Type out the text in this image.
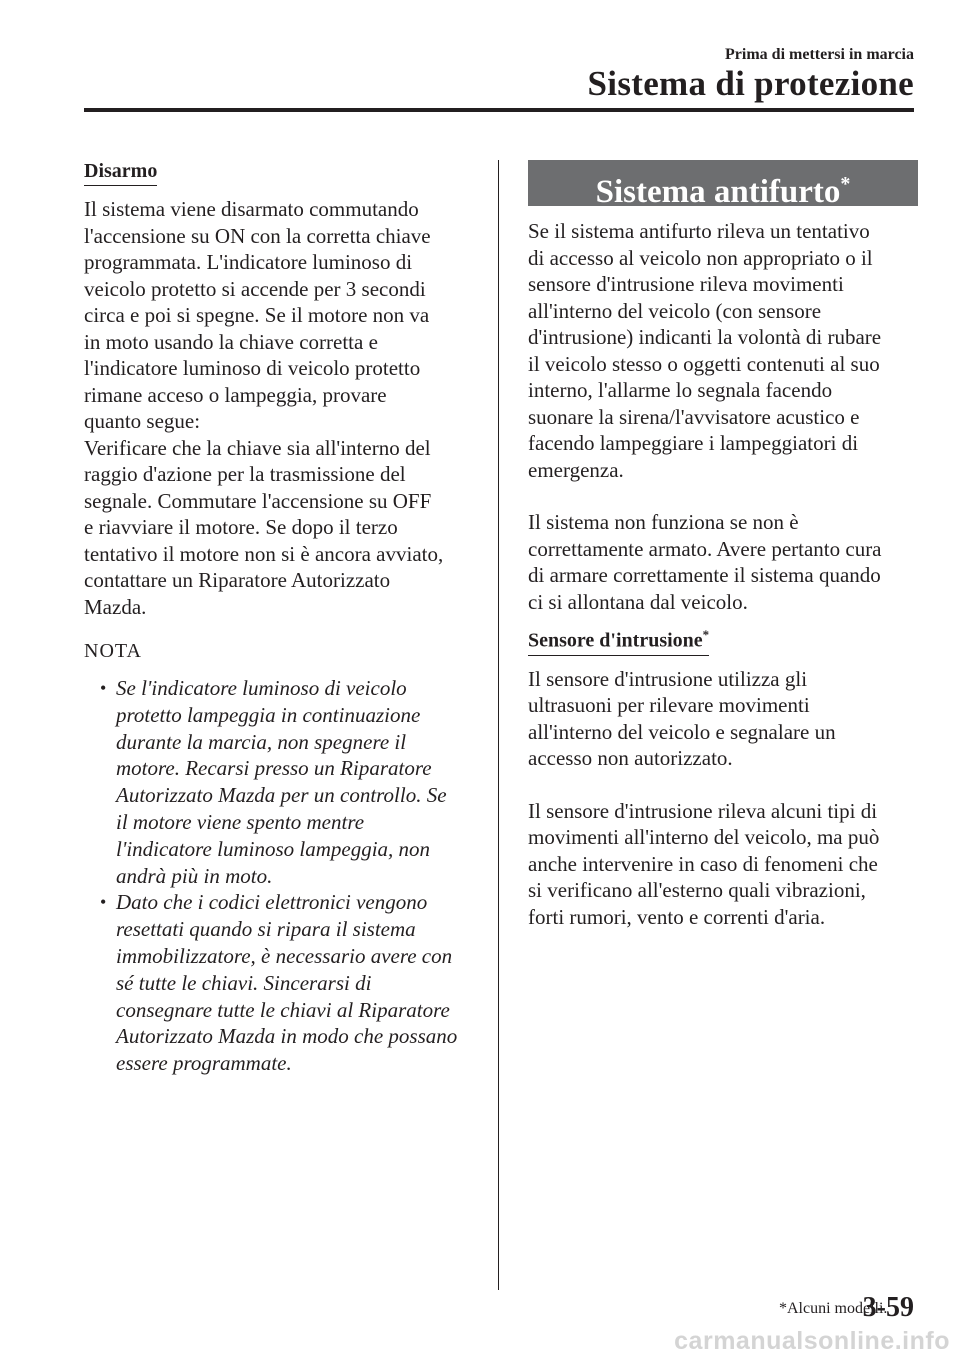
Prima di mettersi in marcia
Sistema di protezione
Disarmo

Il sistema viene disarmato commutando
l'accensione su ON con la corretta chiave
programmata. L'indicatore luminoso di
veicolo protetto si accende per 3 secondi
circa e poi si spegne. Se il motore non va
in moto usando la chiave corretta e
l'indicatore luminoso di veicolo protetto
rimane acceso o lampeggia, provare
quanto segue:
Verificare che la chiave sia all'interno del
raggio d'azione per la trasmissione del
segnale. Commutare l'accensione su OFF
e riavviare il motore. Se dopo il terzo
tentativo il motore non si è ancora avviato,
contattare un Riparatore Autorizzato
Mazda.

NOTA
• Se l'indicatore luminoso di veicolo
protetto lampeggia in continuazione
durante la marcia, non spegnere il
motore. Recarsi presso un Riparatore
Autorizzato Mazda per un controllo. Se
il motore viene spento mentre
l'indicatore luminoso lampeggia, non
andrà più in moto.
• Dato che i codici elettronici vengono
resettati quando si ripara il sistema
immobilizzatore, è necessario avere con
sé tutte le chiavi. Sincerarsi di
consegnare tutte le chiavi al Riparatore
Autorizzato Mazda in modo che possano
essere programmate.
Sistema antifurto*

Se il sistema antifurto rileva un tentativo
di accesso al veicolo non appropriato o il
sensore d'intrusione rileva movimenti
all'interno del veicolo (con sensore
d'intrusione) indicanti la volontà di rubare
il veicolo stesso o oggetti contenuti al suo
interno, l'allarme lo segnala facendo
suonare la sirena/l'avvisatore acustico e
facendo lampeggiare i lampeggiatori di
emergenza.

Il sistema non funziona se non è
correttamente armato. Avere pertanto cura
di armare correttamente il sistema quando
ci si allontana dal veicolo.

Sensore d'intrusione*

Il sensore d'intrusione utilizza gli
ultrasuoni per rilevare movimenti
all'interno del veicolo e segnalare un
accesso non autorizzato.

Il sensore d'intrusione rileva alcuni tipi di
movimenti all'interno del veicolo, ma può
anche intervenire in caso di fenomeni che
si verificano all'esterno quali vibrazioni,
forti rumori, vento e correnti d'aria.

*Alcuni modelli.
3-59
carmanualsonline.info
